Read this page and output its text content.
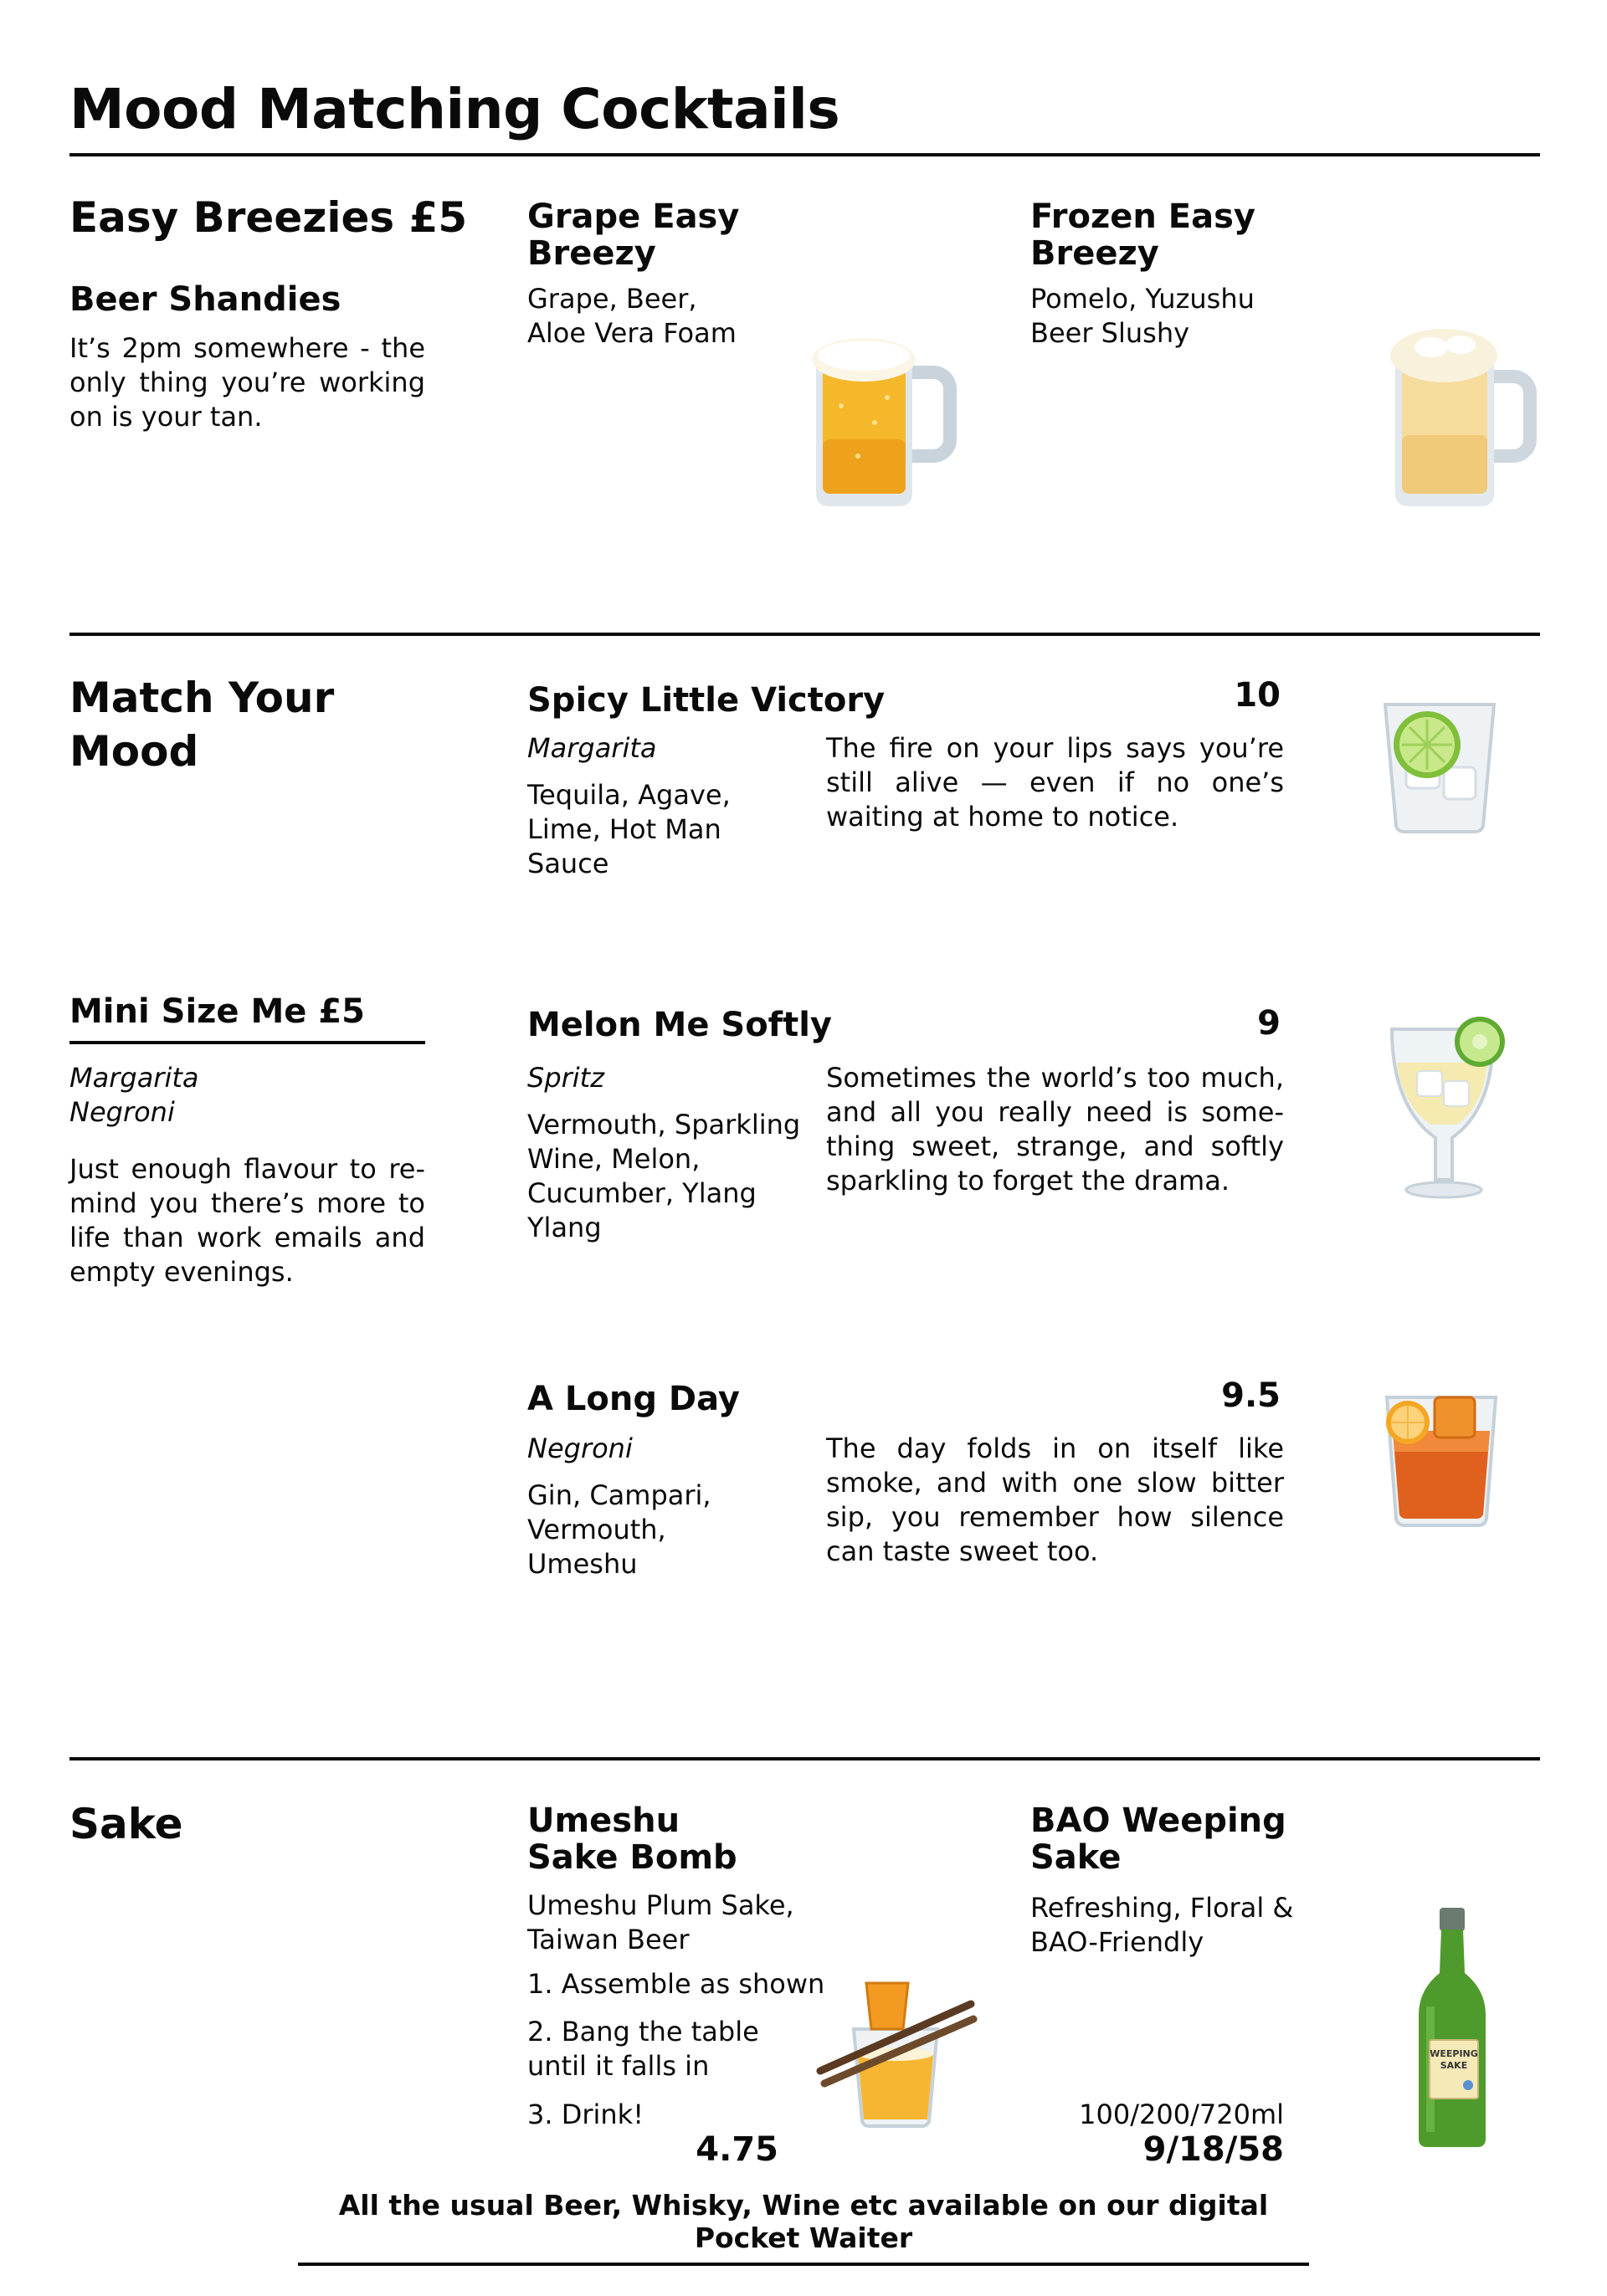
Mood Matching Cocktails
Easy Breezies £5
Beer Shandies
It’s 2pm somewhere - the only thing you’re working on is your tan.
Grape Easy
Breezy
Grape, Beer,
Aloe Vera Foam
Frozen Easy
Breezy
Pomelo, Yuzushu
Beer Slushy
Match Your
Mood
Spicy Little Victory	10
Margarita
Tequila, Agave,
Lime, Hot Man
Sauce
The fire on your lips says you’re still alive — even if no one’s waiting at home to notice.
Mini Size Me £5
Margarita
Negroni
Just enough flavour to re-mind you there’s more to life than work emails and empty evenings.
Melon Me Softly	9
Spritz
Vermouth, Sparkling
Wine, Melon,
Cucumber, Ylang
Ylang
Sometimes the world’s too much, and all you really need is some-thing sweet, strange, and softly sparkling to forget the drama.
A Long Day	9.5
Negroni
Gin, Campari,
Vermouth,
Umeshu
The day folds in on itself like smoke, and with one slow bitter sip, you remember how silence can taste sweet too.
Sake	Umeshu
Sake Bomb
Umeshu Plum Sake,
Taiwan Beer
1. Assemble as shown
2. Bang the table
until it falls in
3. Drink!
4.75
BAO Weeping
Sake
Refreshing, Floral &
BAO-Friendly
100/200/720ml
9/18/58
WEEPING
SAKE
All the usual Beer, Whisky, Wine etc available on our digital Pocket Waiter
